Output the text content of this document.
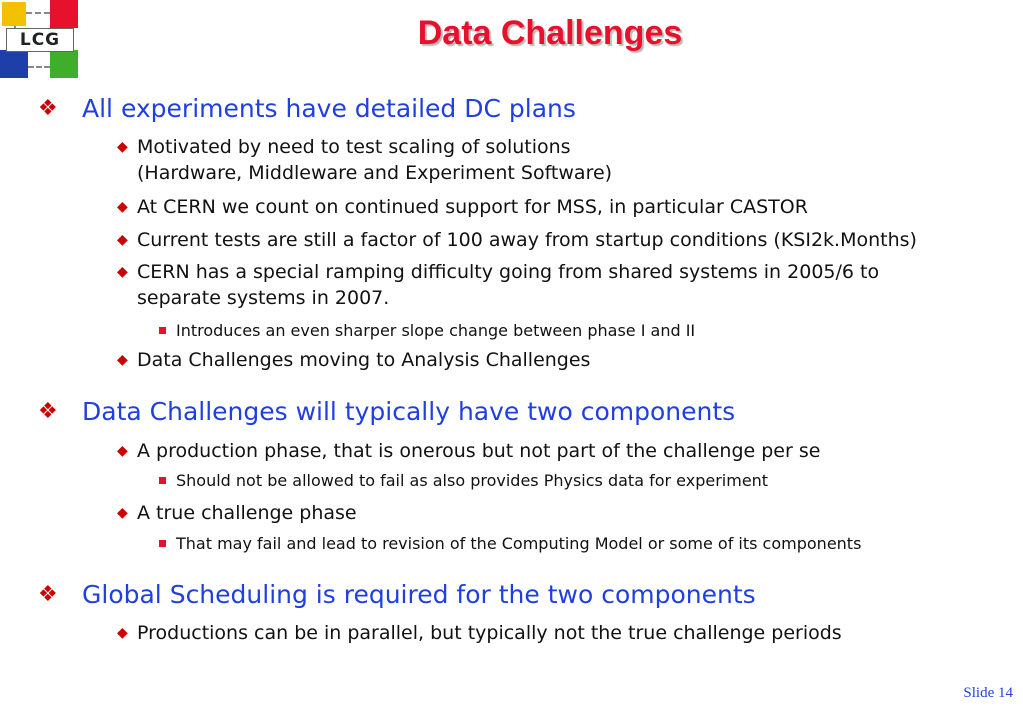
LCG	Data Challenges
❖ All experiments have detailed DC plans
◆ Motivated by need to test scaling of solutions
(Hardware, Middleware and Experiment Software)
◆ At CERN we count on continued support for MSS, in particular CASTOR
◆ Current tests are still a factor of 100 away from startup conditions (KSI2k.Months)
◆ CERN has a special ramping difficulty going from shared systems in 2005/6 to
separate systems in 2007.
Introduces an even sharper slope change between phase I and II
◆ Data Challenges moving to Analysis Challenges
❖ Data Challenges will typically have two components
◆ A production phase, that is onerous but not part of the challenge per se
Should not be allowed to fail as also provides Physics data for experiment
◆ A true challenge phase
That may fail and lead to revision of the Computing Model or some of its components
❖ Global Scheduling is required for the two components
◆ Productions can be in parallel, but typically not the true challenge periods
Slide 14
